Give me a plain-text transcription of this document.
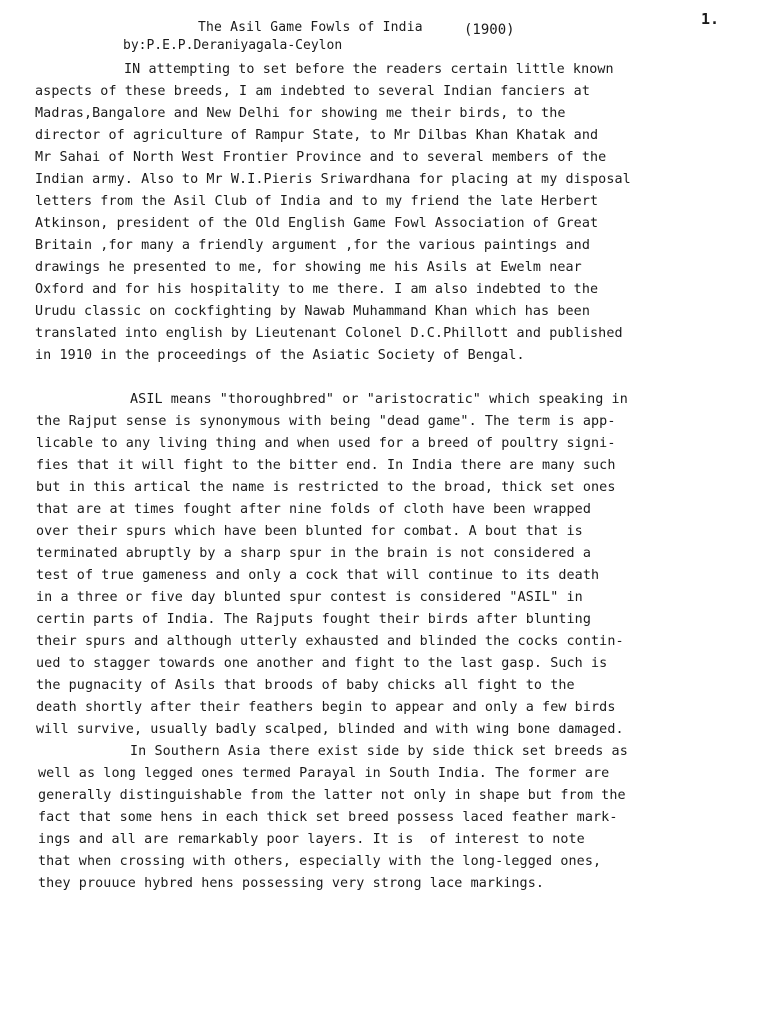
1.
The Asil Game Fowls of India	(1900)
by:P.E.P.Deraniyagala-Ceylon
IN attempting to set before the readers certain little known
aspects of these breeds, I am indebted to several Indian fanciers at
Madras,Bangalore and New Delhi for showing me their birds, to the
director of agriculture of Rampur State, to Mr Dilbas Khan Khatak and
Mr Sahai of North West Frontier Province and to several members of the
Indian army. Also to Mr W.I.Pieris Sriwardhana for placing at my disposal
letters from the Asil Club of India and to my friend the late Herbert
Atkinson, president of the Old English Game Fowl Association of Great
Britain ,for many a friendly argument ,for the various paintings and
drawings he presented to me, for showing me his Asils at Ewelm near
Oxford and for his hospitality to me there. I am also indebted to the
Urudu classic on cockfighting by Nawab Muhammand Khan which has been
translated into english by Lieutenant Colonel D.C.Phillott and published
in 1910 in the proceedings of the Asiatic Society of Bengal.
ASIL means "thoroughbred" or "aristocratic" which speaking in
the Rajput sense is synonymous with being "dead game". The term is app-
licable to any living thing and when used for a breed of poultry signi-
fies that it will fight to the bitter end. In India there are many such
but in this artical the name is restricted to the broad, thick set ones
that are at times fought after nine folds of cloth have been wrapped
over their spurs which have been blunted for combat. A bout that is
terminated abruptly by a sharp spur in the brain is not considered a
test of true gameness and only a cock that will continue to its death
in a three or five day blunted spur contest is considered "ASIL" in
certin parts of India. The Rajputs fought their birds after blunting
their spurs and although utterly exhausted and blinded the cocks contin-
ued to stagger towards one another and fight to the last gasp. Such is
the pugnacity of Asils that broods of baby chicks all fight to the
death shortly after their feathers begin to appear and only a few birds
will survive, usually badly scalped, blinded and with wing bone damaged.
In Southern Asia there exist side by side thick set breeds as
well as long legged ones termed Parayal in South India. The former are
generally distinguishable from the latter not only in shape but from the
fact that some hens in each thick set breed possess laced feather mark-
ings and all are remarkably poor layers. It is  of interest to note
that when crossing with others, especially with the long-legged ones,
they prouuce hybred hens possessing very strong lace markings.
